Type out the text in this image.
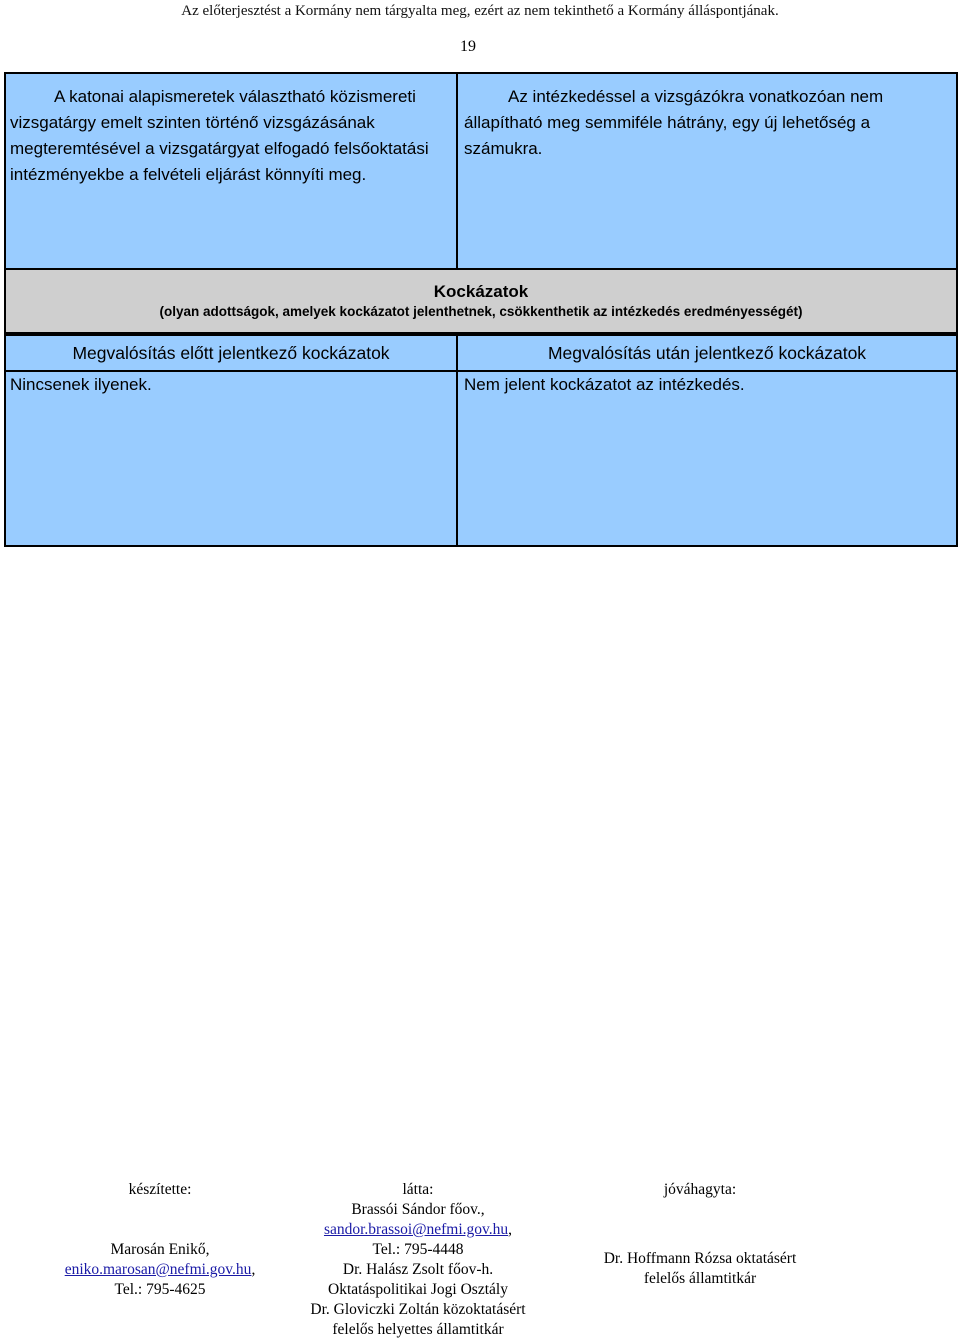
Az előterjesztést a Kormány nem tárgyalta meg, ezért az nem tekinthető a Kormány álláspontjának.
19
A katonai alapismeretek választható közismereti vizsgatárgy emelt szinten történő vizsgázásának megteremtésével a vizsgatárgyat elfogadó felsőoktatási intézményekbe a felvételi eljárást könnyíti meg.
Az intézkedéssel a vizsgázókra vonatkozóan nem állapítható meg semmiféle hátrány, egy új lehetőség a számukra.
Kockázatok
(olyan adottságok, amelyek kockázatot jelenthetnek, csökkenthetik az intézkedés eredményességét)
Megvalósítás előtt jelentkező kockázatok	Megvalósítás után jelentkező kockázatok
Nincsenek ilyenek.	Nem jelent kockázatot az intézkedés.
készítette:
Marosán Enikő,
eniko.marosan@nefmi.gov.hu,
Tel.: 795-4625
látta:
Brassói Sándor főov.,
sandor.brassoi@nefmi.gov.hu,
Tel.: 795-4448
Dr. Halász Zsolt főov-h.
Oktatáspolitikai Jogi Osztály
Dr. Gloviczki Zoltán közoktatásért
felelős helyettes államtitkár
jóváhagyta:
Dr. Hoffmann Rózsa oktatásért
felelős államtitkár
